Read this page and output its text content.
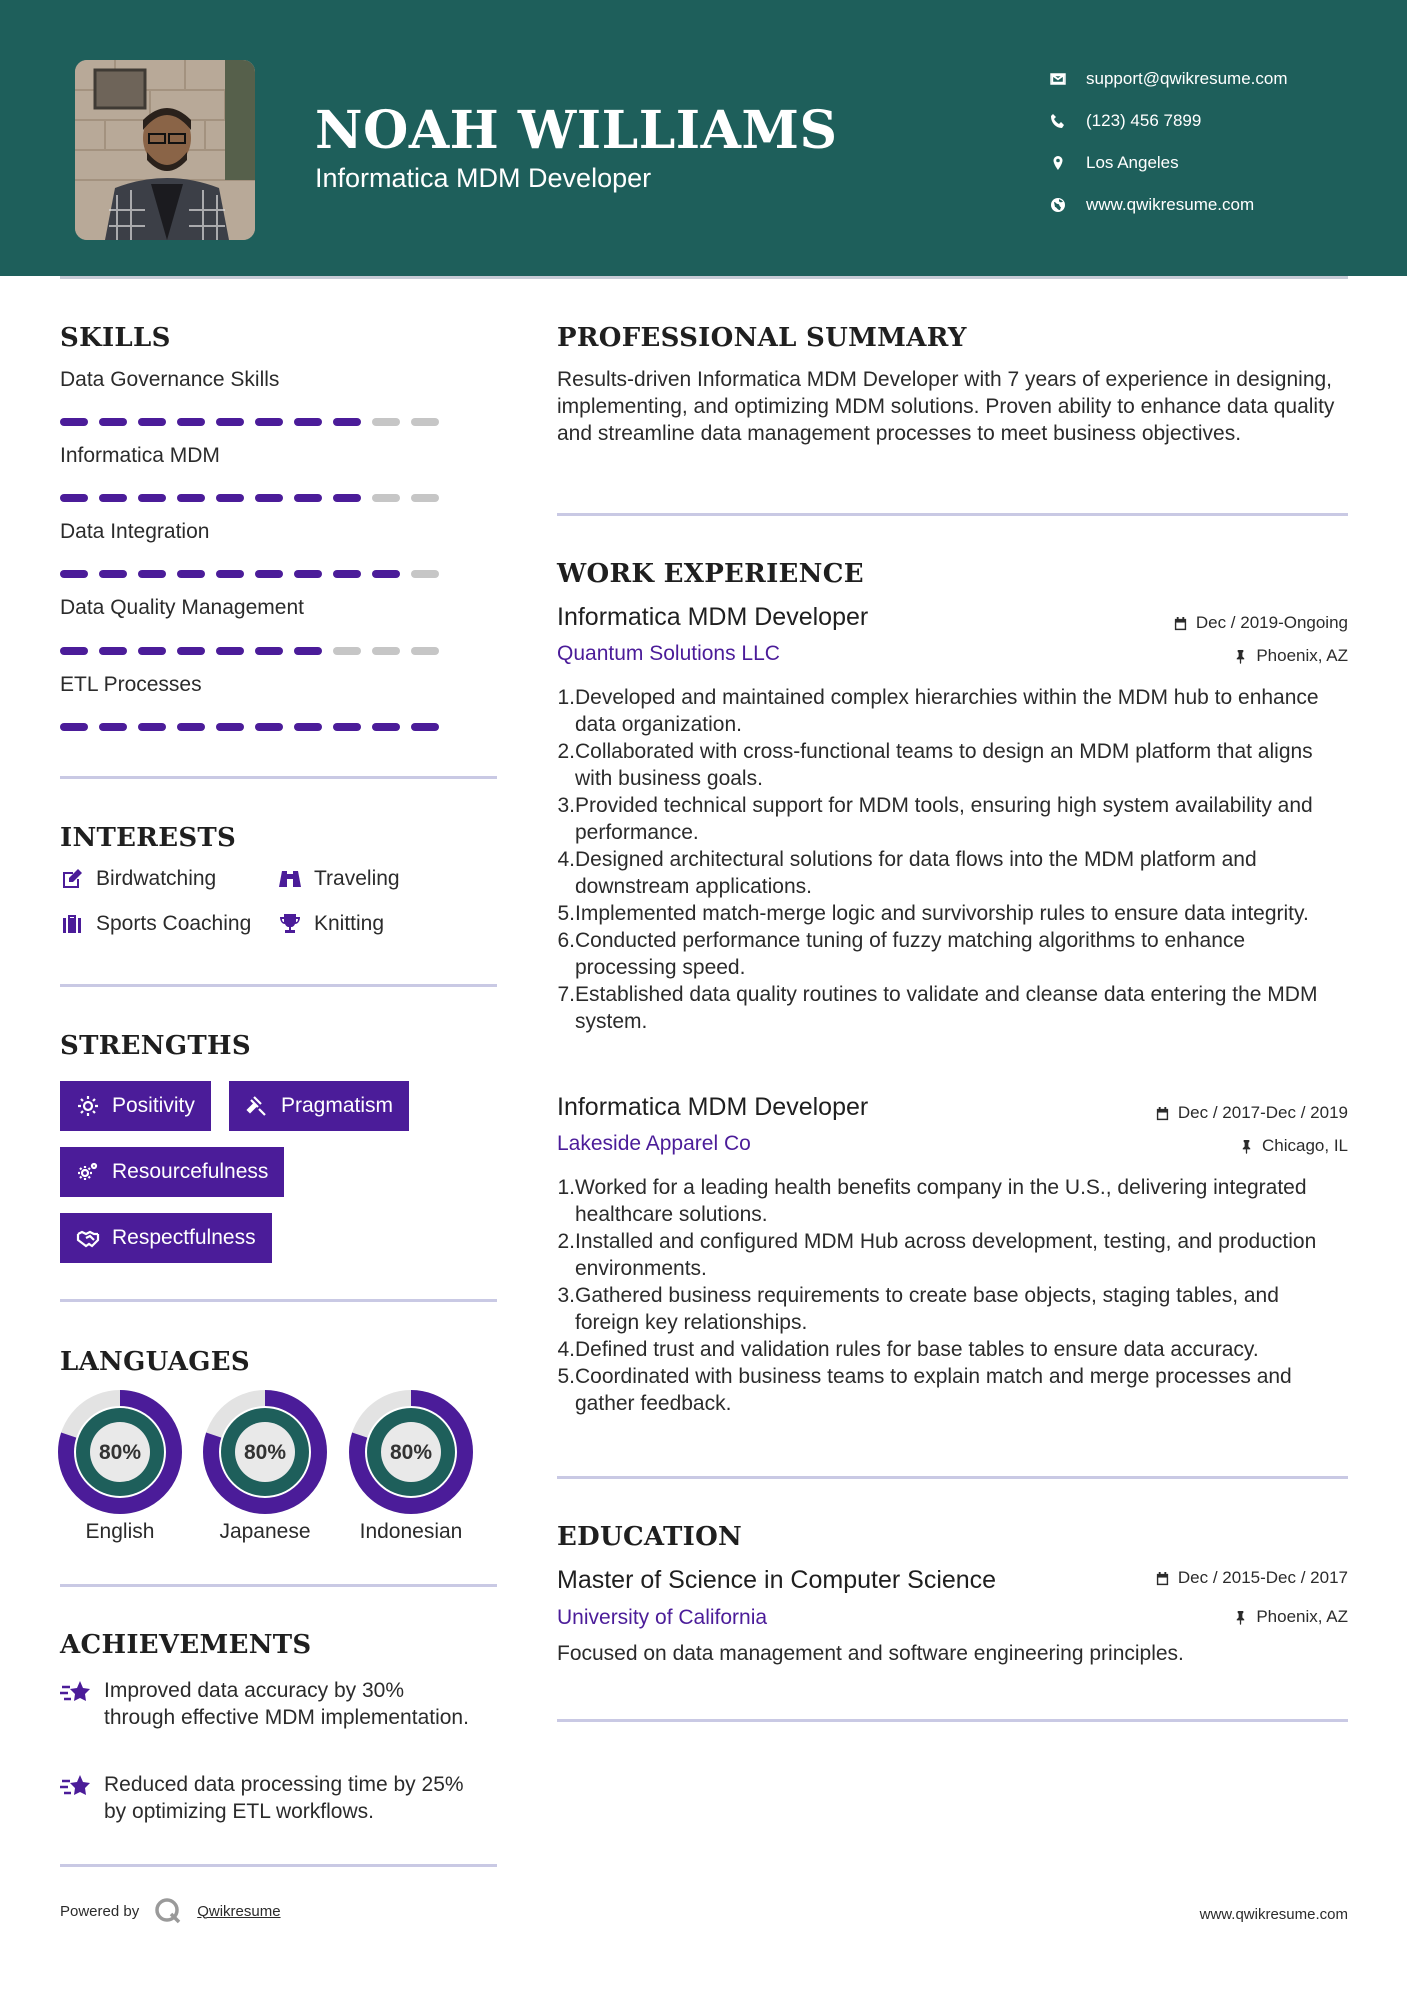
NOAH WILLIAMS
Informatica MDM Developer
support@qwikresume.com
(123) 456 7899
Los Angeles
www.qwikresume.com
SKILLS
Data Governance Skills
Informatica MDM
Data Integration
Data Quality Management
ETL Processes
INTERESTS
Birdwatching	Traveling
Sports Coaching	Knitting
STRENGTHS
Positivity	Pragmatism
Resourcefulness
Respectfulness
LANGUAGES
80%
English
80%
Japanese
80%
Indonesian
ACHIEVEMENTS
Improved data accuracy by 30% through effective MDM implementation.
Reduced data processing time by 25% by optimizing ETL workflows.
PROFESSIONAL SUMMARY
Results-driven Informatica MDM Developer with 7 years of experience in designing, implementing, and optimizing MDM solutions. Proven ability to enhance data quality and streamline data management processes to meet business objectives.
WORK EXPERIENCE
Informatica MDM Developer	Dec / 2019-Ongoing
Quantum Solutions LLC	Phoenix, AZ
1. Developed and maintained complex hierarchies within the MDM hub to enhance data organization.
2. Collaborated with cross-functional teams to design an MDM platform that aligns with business goals.
3. Provided technical support for MDM tools, ensuring high system availability and performance.
4. Designed architectural solutions for data flows into the MDM platform and downstream applications.
5. Implemented match-merge logic and survivorship rules to ensure data integrity.
6. Conducted performance tuning of fuzzy matching algorithms to enhance processing speed.
7. Established data quality routines to validate and cleanse data entering the MDM system.
Informatica MDM Developer	Dec / 2017-Dec / 2019
Lakeside Apparel Co	Chicago, IL
1. Worked for a leading health benefits company in the U.S., delivering integrated healthcare solutions.
2. Installed and configured MDM Hub across development, testing, and production environments.
3. Gathered business requirements to create base objects, staging tables, and foreign key relationships.
4. Defined trust and validation rules for base tables to ensure data accuracy.
5. Coordinated with business teams to explain match and merge processes and gather feedback.
EDUCATION
Master of Science in Computer Science	Dec / 2015-Dec / 2017
University of California	Phoenix, AZ
Focused on data management and software engineering principles.
Powered by	Qwikresume	www.qwikresume.com
